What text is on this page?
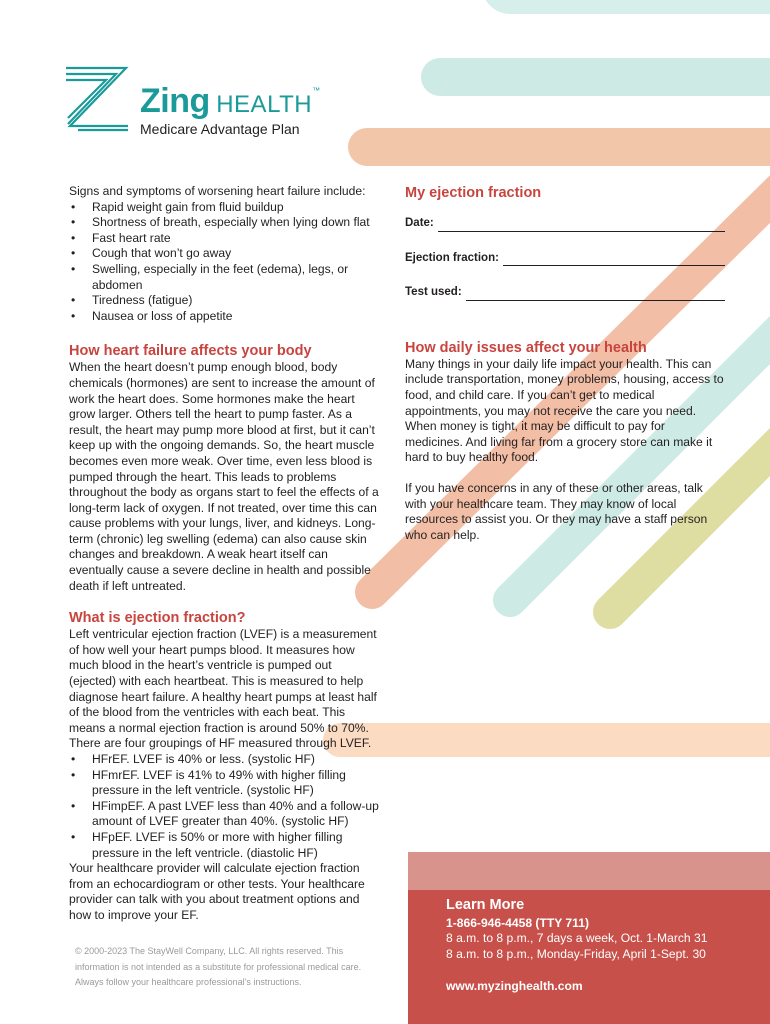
Zing HEALTH™
Medicare Advantage Plan

Signs and symptoms of worsening heart failure include:

• Rapid weight gain from fluid buildup
• Shortness of breath, especially when lying down flat
• Fast heart rate
• Cough that won’t go away
• Swelling, especially in the feet (edema), legs, or abdomen
• Tiredness (fatigue)
• Nausea or loss of appetite
How heart failure affects your body

When the heart doesn’t pump enough blood, body chemicals (hormones) are sent to increase the amount of work the heart does. Some hormones make the heart grow larger. Others tell the heart to pump faster. As a result, the heart may pump more blood at first, but it can’t keep up with the ongoing demands. So, the heart muscle becomes even more weak. Over time, even less blood is pumped through the heart. This leads to problems throughout the body as organs start to feel the effects of a long-term lack of oxygen. If not treated, over time this can cause problems with your lungs, liver, and kidneys. Long-term (chronic) leg swelling (edema) can also cause skin changes and breakdown. A weak heart itself can eventually cause a severe decline in health and possible death if left untreated.

What is ejection fraction?

Left ventricular ejection fraction (LVEF) is a measurement of how well your heart pumps blood. It measures how much blood in the heart’s ventricle is pumped out (ejected) with each heartbeat. This is measured to help diagnose heart failure. A healthy heart pumps at least half of the blood from the ventricles with each beat. This means a normal ejection fraction is around 50% to 70%. There are four groupings of HF measured through LVEF.

• HFrEF. LVEF is 40% or less. (systolic HF)
• HFmrEF. LVEF is 41% to 49% with higher filling pressure in the left ventricle. (systolic HF)
• HFimpEF. A past LVEF less than 40% and a follow-up amount of LVEF greater than 40%. (systolic HF)
• HFpEF. LVEF is 50% or more with higher filling pressure in the left ventricle. (diastolic HF)

Your healthcare provider will calculate ejection fraction from an echocardiogram or other tests. Your healthcare provider can talk with you about treatment options and how to improve your EF.

© 2000-2023 The StayWell Company, LLC. All rights reserved. This
information is not intended as a substitute for professional medical care.
Always follow your healthcare professional’s instructions.
My ejection fraction
Date:
Ejection fraction:
Test used:
How daily issues affect your health

Many things in your daily life impact your health. This can include transportation, money problems, housing, access to food, and child care. If you can’t get to medical appointments, you may not receive the care you need. When money is tight, it may be difficult to pay for medicines. And living far from a grocery store can make it hard to buy healthy food.

If you have concerns in any of these or other areas, talk with your healthcare team. They may know of local resources to assist you. Or they may have a staff person who can help.

Learn More
1-866-946-4458 (TTY 711)
8 a.m. to 8 p.m., 7 days a week, Oct. 1-March 31
8 a.m. to 8 p.m., Monday-Friday, April 1-Sept. 30
www.myzinghealth.com
